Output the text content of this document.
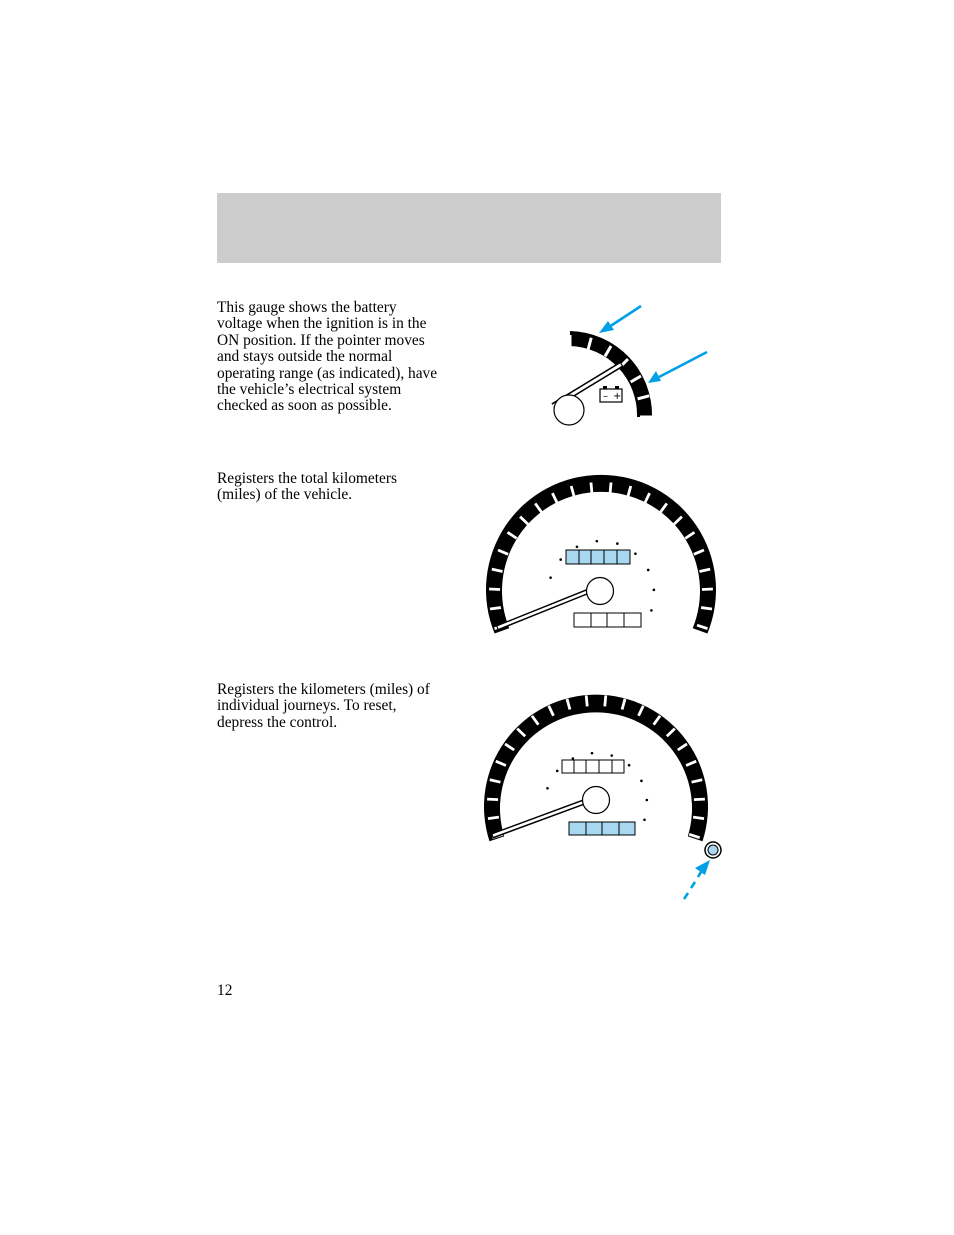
This gauge shows the battery
voltage when the ignition is in the
ON position. If the pointer moves
and stays outside the normal
operating range (as indicated), have
the vehicle’s electrical system
checked as soon as possible.

Registers the total kilometers
(miles) of the vehicle.

Registers the kilometers (miles) of
individual journeys. To reset,
depress the control.

– +
12
